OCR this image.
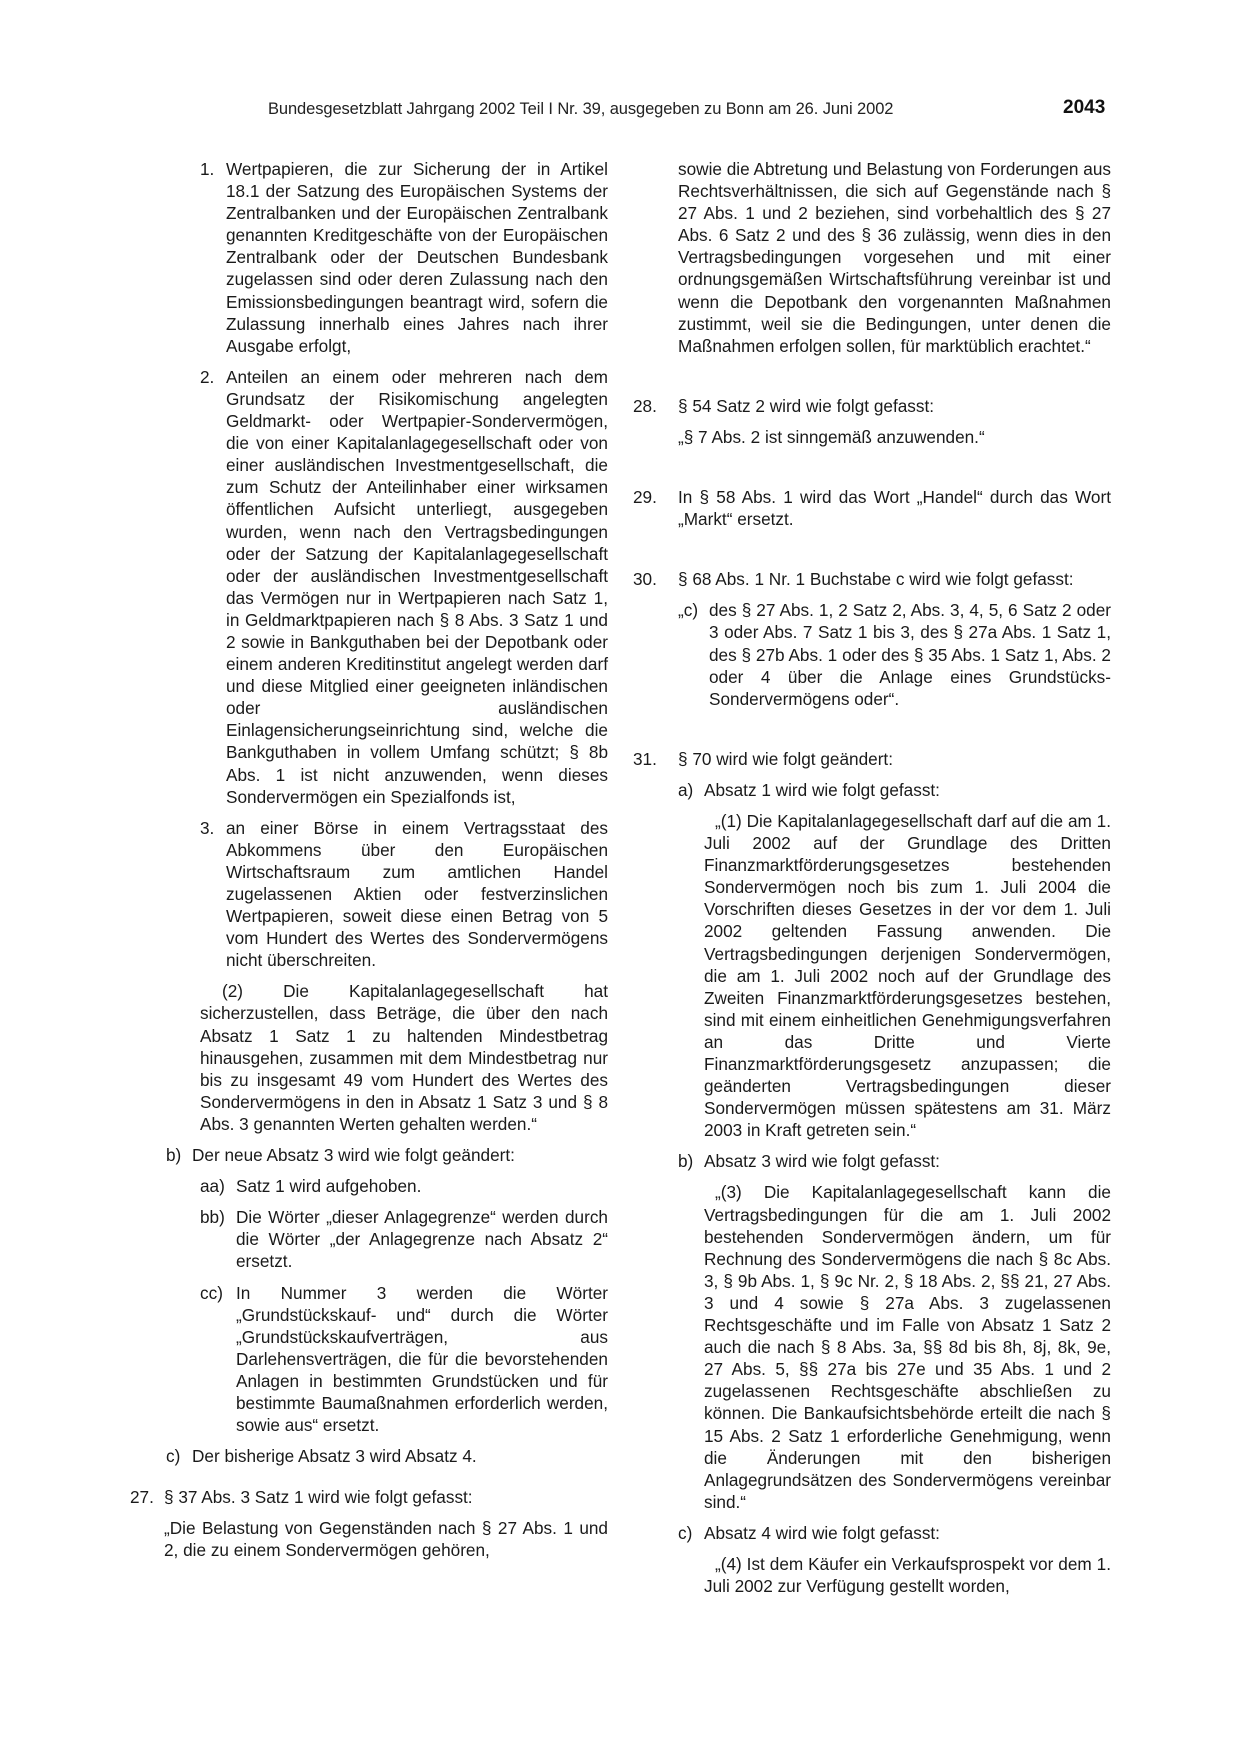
Bundesgesetzblatt Jahrgang 2002 Teil I Nr. 39, ausgegeben zu Bonn am 26. Juni 2002	2043
1. Wertpapieren, die zur Sicherung der in Artikel 18.1 der Satzung des Europäischen Systems der Zentralbanken und der Europäischen Zentralbank genannten Kreditgeschäfte von der Europäischen Zentralbank oder der Deutschen Bundesbank zugelassen sind oder deren Zulassung nach den Emissionsbedingungen beantragt wird, sofern die Zulassung innerhalb eines Jahres nach ihrer Ausgabe erfolgt,
2. Anteilen an einem oder mehreren nach dem Grundsatz der Risikomischung angelegten Geldmarkt- oder Wertpapier-Sondervermögen, die von einer Kapitalanlagegesellschaft oder von einer ausländischen Investmentgesellschaft, die zum Schutz der Anteilinhaber einer wirksamen öffentlichen Aufsicht unterliegt, ausgegeben wurden, wenn nach den Vertragsbedingungen oder der Satzung der Kapitalanlagegesellschaft oder der ausländischen Investmentgesellschaft das Vermögen nur in Wertpapieren nach Satz 1, in Geldmarktpapieren nach § 8 Abs. 3 Satz 1 und 2 sowie in Bankguthaben bei der Depotbank oder einem anderen Kreditinstitut angelegt werden darf und diese Mitglied einer geeigneten inländischen oder ausländischen Einlagensicherungseinrichtung sind, welche die Bankguthaben in vollem Umfang schützt; § 8b Abs. 1 ist nicht anzuwenden, wenn dieses Sondervermögen ein Spezialfonds ist,
3. an einer Börse in einem Vertragsstaat des Abkommens über den Europäischen Wirtschaftsraum zum amtlichen Handel zugelassenen Aktien oder festverzinslichen Wertpapieren, soweit diese einen Betrag von 5 vom Hundert des Wertes des Sondervermögens nicht überschreiten.

(2) Die Kapitalanlagegesellschaft hat sicherzustellen, dass Beträge, die über den nach Absatz 1 Satz 1 zu haltenden Mindestbetrag hinausgehen, zusammen mit dem Mindestbetrag nur bis zu insgesamt 49 vom Hundert des Wertes des Sondervermögens in den in Absatz 1 Satz 3 und § 8 Abs. 3 genannten Werten gehalten werden.“

b) Der neue Absatz 3 wird wie folgt geändert:
aa) Satz 1 wird aufgehoben.
bb) Die Wörter „dieser Anlagegrenze“ werden durch die Wörter „der Anlagegrenze nach Absatz 2“ ersetzt.
cc) In Nummer 3 werden die Wörter „Grundstückskauf- und“ durch die Wörter „Grundstückskaufverträgen, aus Darlehensverträgen, die für die bevorstehenden Anlagen in bestimmten Grundstücken und für bestimmte Baumaßnahmen erforderlich werden, sowie aus“ ersetzt.
c) Der bisherige Absatz 3 wird Absatz 4.
27. § 37 Abs. 3 Satz 1 wird wie folgt gefasst:

„Die Belastung von Gegenständen nach § 27 Abs. 1 und 2, die zu einem Sondervermögen gehören,

sowie die Abtretung und Belastung von Forderungen aus Rechtsverhältnissen, die sich auf Gegenstände nach § 27 Abs. 1 und 2 beziehen, sind vorbehaltlich des § 27 Abs. 6 Satz 2 und des § 36 zulässig, wenn dies in den Vertragsbedingungen vorgesehen und mit einer ordnungsgemäßen Wirtschaftsführung vereinbar ist und wenn die Depotbank den vorgenannten Maßnahmen zustimmt, weil sie die Bedingungen, unter denen die Maßnahmen erfolgen sollen, für marktüblich erachtet.“

28.	§ 54 Satz 2 wird wie folgt gefasst:

„§ 7 Abs. 2 ist sinngemäß anzuwenden.“

29.	In § 58 Abs. 1 wird das Wort „Handel“ durch das Wort „Markt“ ersetzt.
30.	§ 68 Abs. 1 Nr. 1 Buchstabe c wird wie folgt gefasst:
„c) des § 27 Abs. 1, 2 Satz 2, Abs. 3, 4, 5, 6 Satz 2 oder 3 oder Abs. 7 Satz 1 bis 3, des § 27a Abs. 1 Satz 1, des § 27b Abs. 1 oder des § 35 Abs. 1 Satz 1, Abs. 2 oder 4 über die Anlage eines Grundstücks-Sondervermögens oder“.
31.	§ 70 wird wie folgt geändert:
a) Absatz 1 wird wie folgt gefasst:

„(1) Die Kapitalanlagegesellschaft darf auf die am 1. Juli 2002 auf der Grundlage des Dritten Finanzmarktförderungsgesetzes bestehenden Sondervermögen noch bis zum 1. Juli 2004 die Vorschriften dieses Gesetzes in der vor dem 1. Juli 2002 geltenden Fassung anwenden. Die Vertragsbedingungen derjenigen Sondervermögen, die am 1. Juli 2002 noch auf der Grundlage des Zweiten Finanzmarktförderungsgesetzes bestehen, sind mit einem einheitlichen Genehmigungsverfahren an das Dritte und Vierte Finanzmarktförderungsgesetz anzupassen; die geänderten Vertragsbedingungen dieser Sondervermögen müssen spätestens am 31. März 2003 in Kraft getreten sein.“

b) Absatz 3 wird wie folgt gefasst:

„(3) Die Kapitalanlagegesellschaft kann die Vertragsbedingungen für die am 1. Juli 2002 bestehenden Sondervermögen ändern, um für Rechnung des Sondervermögens die nach § 8c Abs. 3, § 9b Abs. 1, § 9c Nr. 2, § 18 Abs. 2, §§ 21, 27 Abs. 3 und 4 sowie § 27a Abs. 3 zugelassenen Rechtsgeschäfte und im Falle von Absatz 1 Satz 2 auch die nach § 8 Abs. 3a, §§ 8d bis 8h, 8j, 8k, 9e, 27 Abs. 5, §§ 27a bis 27e und 35 Abs. 1 und 2 zugelassenen Rechtsgeschäfte abschließen zu können. Die Bankaufsichtsbehörde erteilt die nach § 15 Abs. 2 Satz 1 erforderliche Genehmigung, wenn die Änderungen mit den bisherigen Anlagegrundsätzen des Sondervermögens vereinbar sind.“

c) Absatz 4 wird wie folgt gefasst:

„(4) Ist dem Käufer ein Verkaufsprospekt vor dem 1. Juli 2002 zur Verfügung gestellt worden,
